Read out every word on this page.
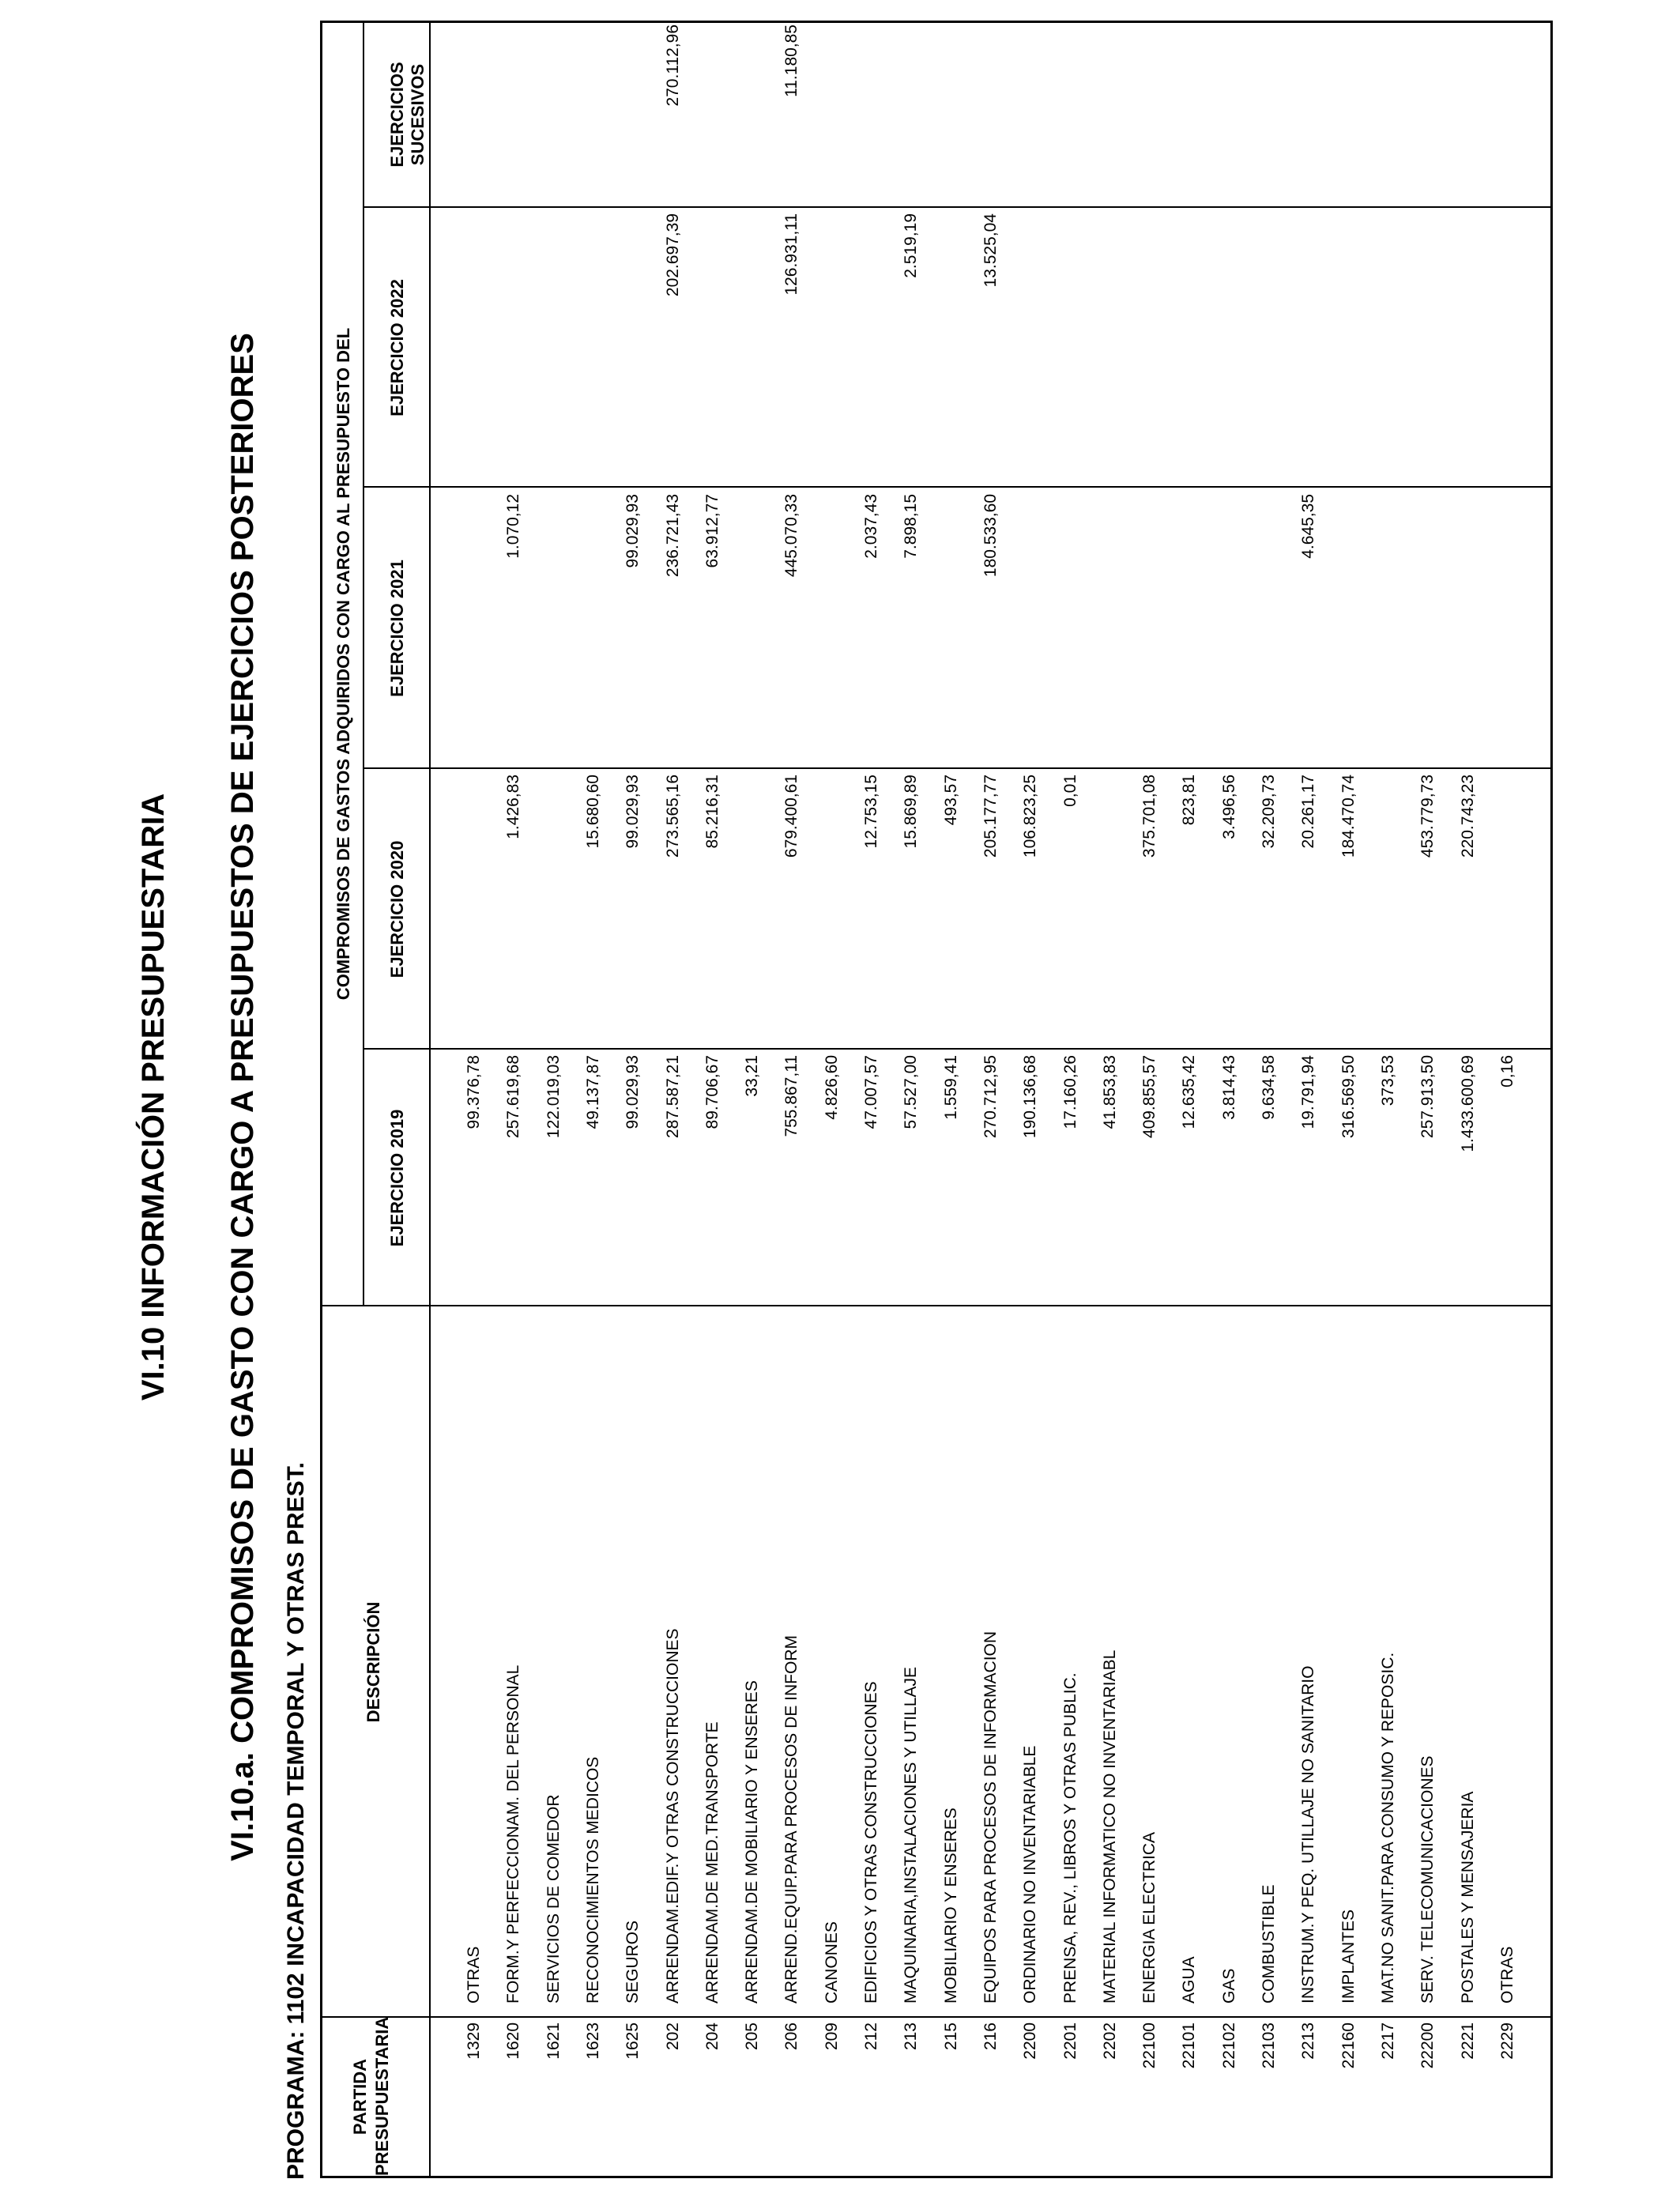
VI.10 INFORMACIÓN PRESUPUESTARIA VI.10.a. COMPROMISOS DE GASTO CON CARGO A PRESUPUESTOS DE EJERCICIOS POSTERIORES PROGRAMA: 1102 INCAPACIDAD TEMPORAL Y OTRAS PREST. PARTIDA PRESUPUESTARIA
DESCRIPCIÓN
COMPROMISOS DE GASTOS ADQUIRIDOS CON CARGO AL PRESUPUESTO DEL
EJERCICIO 2019
EJERCICIO 2020
EJERCICIO 2021
EJERCICIO 2022
EJERCICIOS SUCESIVOS
1329
OTRAS
99.376,78
1620
FORM.Y PERFECCIONAM. DEL PERSONAL
257.619,68
1.426,83
1.070,12
1621
SERVICIOS DE COMEDOR
122.019,03
1623
RECONOCIMIENTOS MEDICOS
49.137,87
15.680,60
1625
SEGUROS
99.029,93
99.029,93
99.029,93
202
ARRENDAM.EDIF.Y OTRAS CONSTRUCCIONES
287.587,21
273.565,16
236.721,43
202.697,39
270.112,96
204
ARRENDAM.DE MED.TRANSPORTE
89.706,67
85.216,31
63.912,77
205
ARRENDAM.DE MOBILIARIO Y ENSERES
33,21
206
ARREND.EQUIP.PARA PROCESOS DE INFORM
755.867,11
679.400,61
445.070,33
126.931,11
11.180,85
209
CANONES
4.826,60
212
EDIFICIOS Y OTRAS CONSTRUCCIONES
47.007,57
12.753,15
2.037,43
213
MAQUINARIA,INSTALACIONES Y UTILLAJE
57.527,00
15.869,89
7.898,15
2.519,19
215
MOBILIARIO Y ENSERES
1.559,41
493,57
216
EQUIPOS PARA PROCESOS DE INFORMACION
270.712,95
205.177,77
180.533,60
13.525,04
2200
ORDINARIO NO INVENTARIABLE
190.136,68
106.823,25
2201
PRENSA, REV., LIBROS Y OTRAS PUBLIC.
17.160,26
0,01
2202
MATERIAL INFORMATICO NO INVENTARIABL
41.853,83
22100
ENERGIA ELECTRICA
409.855,57
375.701,08
22101
AGUA
12.635,42
823,81
22102
GAS
3.814,43
3.496,56
22103
COMBUSTIBLE
9.634,58
32.209,73
2213
INSTRUM.Y PEQ. UTILLAJE NO SANITARIO
19.791,94
20.261,17
4.645,35
22160
IMPLANTES
316.569,50
184.470,74
2217
MAT.NO SANIT.PARA CONSUMO Y REPOSIC.
373,53
22200
SERV. TELECOMUNICACIONES
257.913,50
453.779,73
2221
POSTALES Y MENSAJERIA
1.433.600,69
220.743,23
2229
OTRAS
0,16
